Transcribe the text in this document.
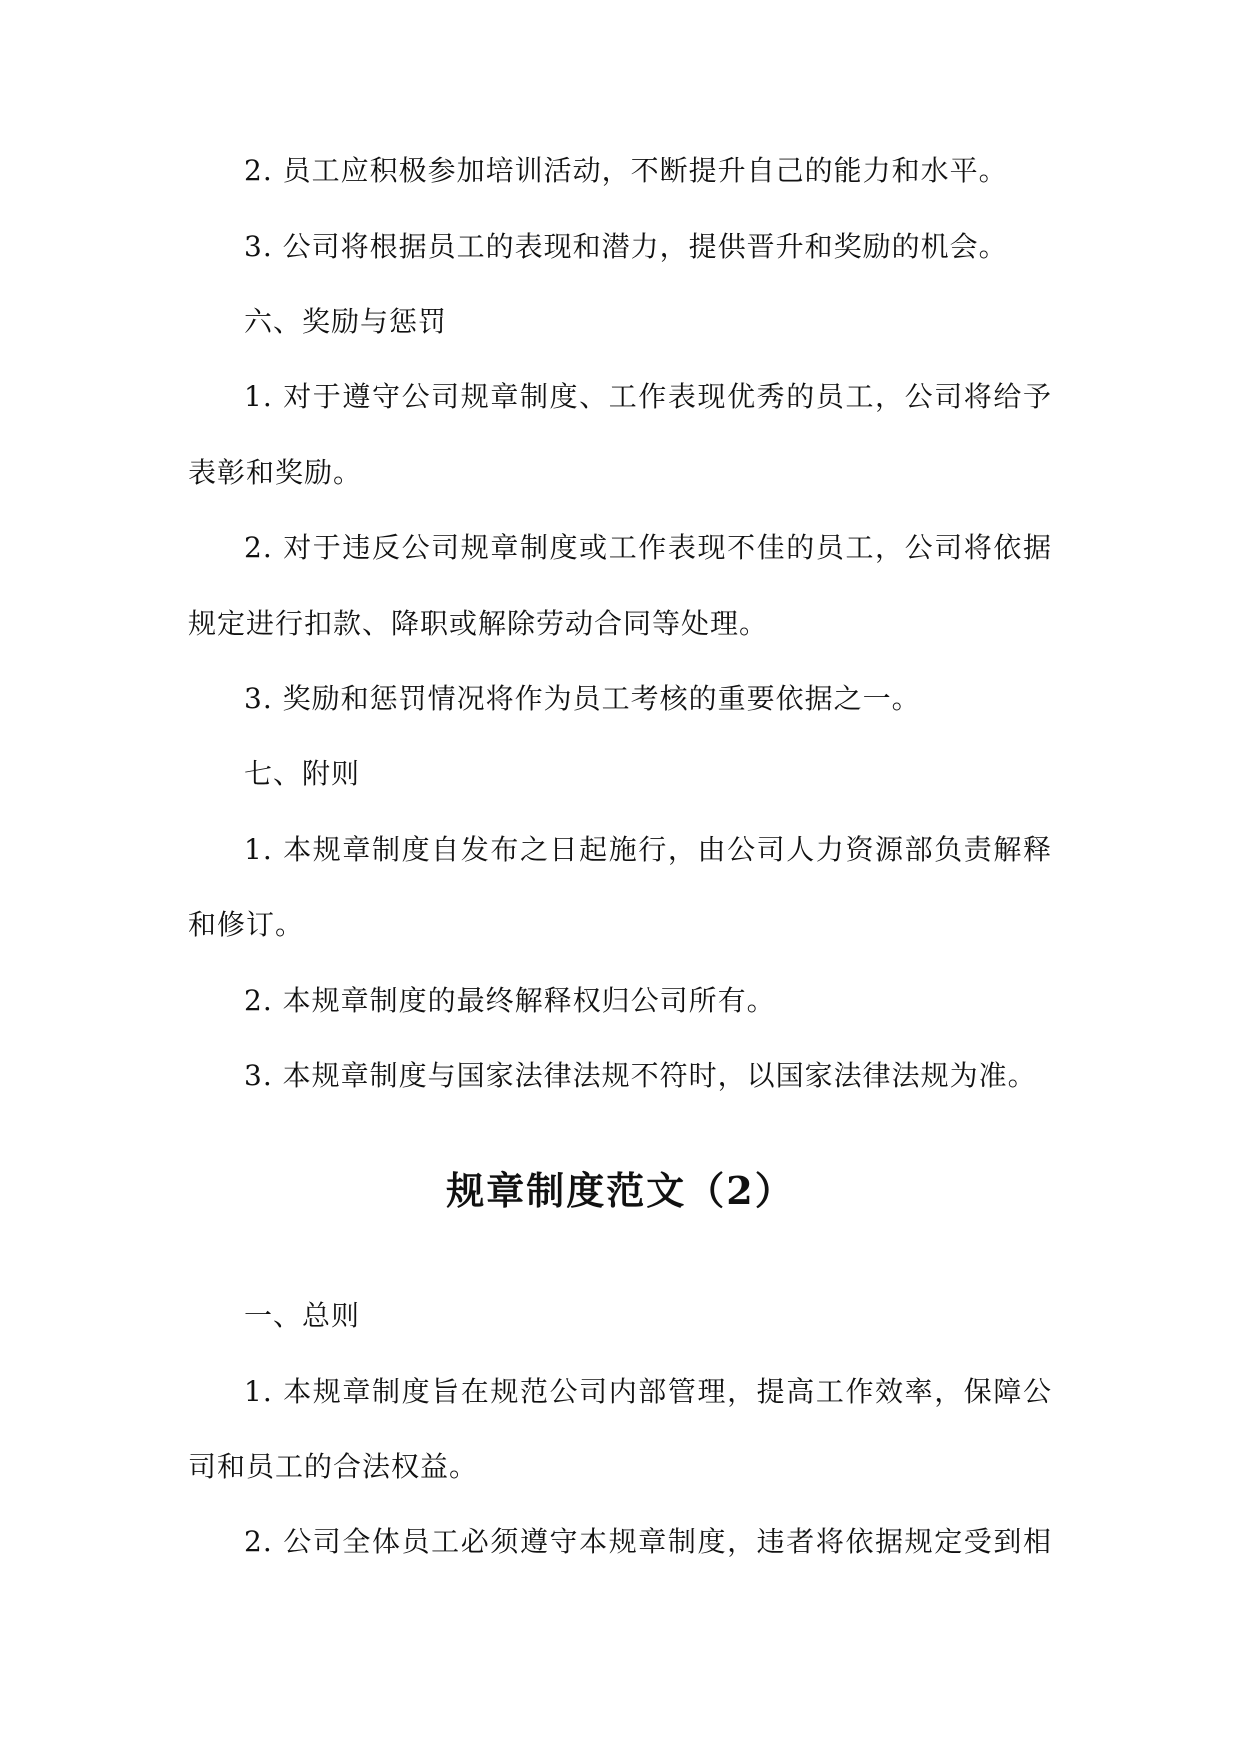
2. 员工应积极参加培训活动，不断提升自己的能力和水平。
3. 公司将根据员工的表现和潜力，提供晋升和奖励的机会。
六、奖励与惩罚
1. 对于遵守公司规章制度、工作表现优秀的员工，公司将给予
表彰和奖励。
2. 对于违反公司规章制度或工作表现不佳的员工，公司将依据
规定进行扣款、降职或解除劳动合同等处理。
3. 奖励和惩罚情况将作为员工考核的重要依据之一。
七、附则
1. 本规章制度自发布之日起施行，由公司人力资源部负责解释
和修订。
2. 本规章制度的最终解释权归公司所有。
3. 本规章制度与国家法律法规不符时，以国家法律法规为准。
规章制度范文（2）
一、总则
1. 本规章制度旨在规范公司内部管理，提高工作效率，保障公
司和员工的合法权益。
2. 公司全体员工必须遵守本规章制度，违者将依据规定受到相
